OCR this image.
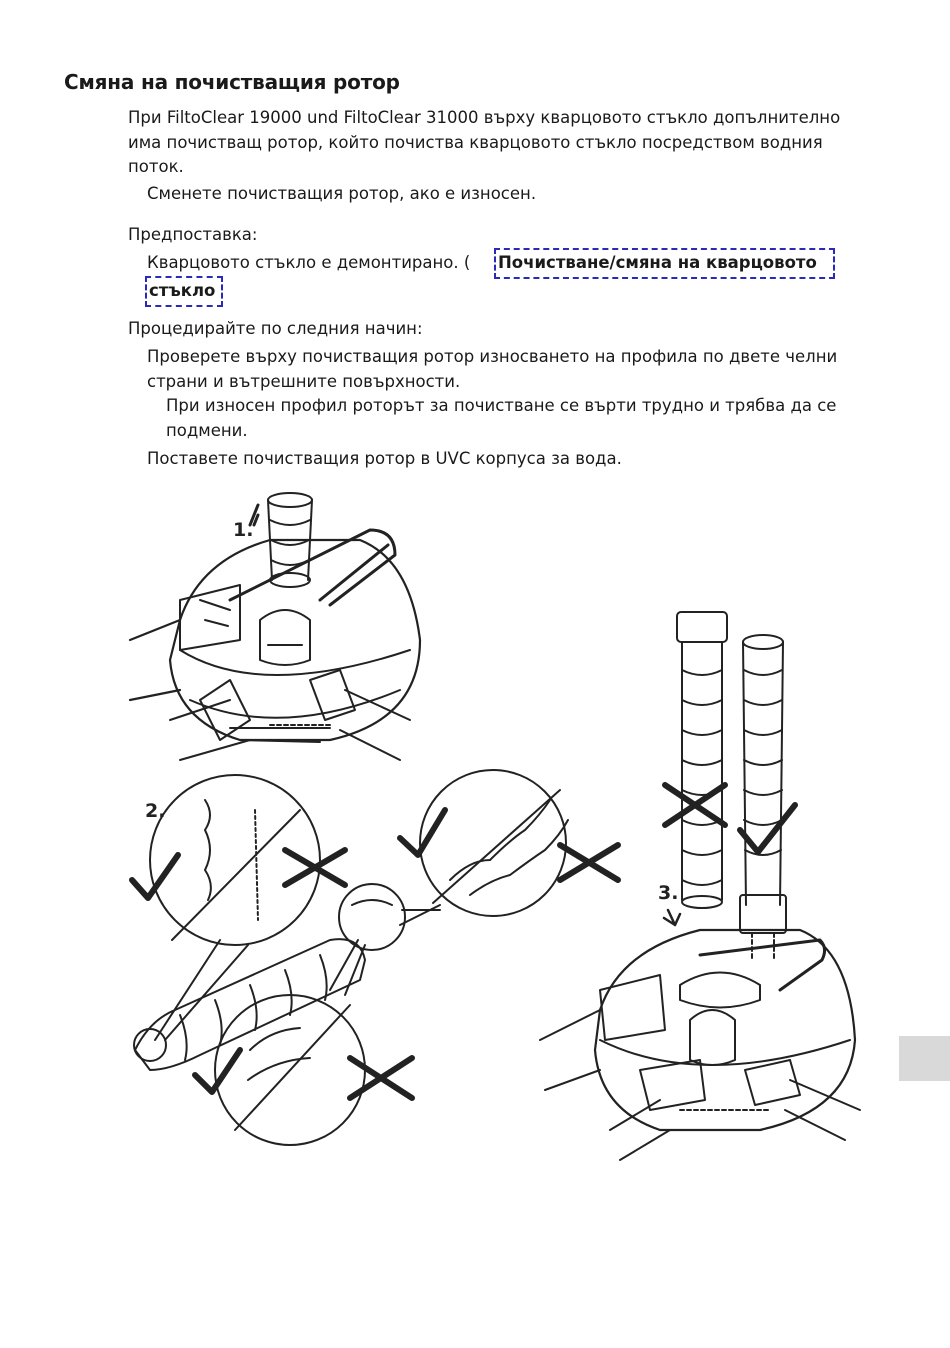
Смяна на почистващия ротор
При FiltoClear 19000 und FiltoClear 31000 върху кварцовото стъкло допълнително има почистващ ротор, който почиства кварцовото стъкло посредством водния поток.
Сменете почистващия ротор, ако е износен.
Предпоставка:
Кварцовото стъкло е демонтирано. ( Почистване/смяна на кварцовото
стъкло
Процедирайте по следния начин:
Проверете върху почистващия ротор износването на профила по двете челни страни и вътрешните повърхности.
При износен профил роторът за почистване се върти трудно и трябва да се подмени.
Поставете почистващия ротор в UVC корпуса за вода.
1.
2.
3.
